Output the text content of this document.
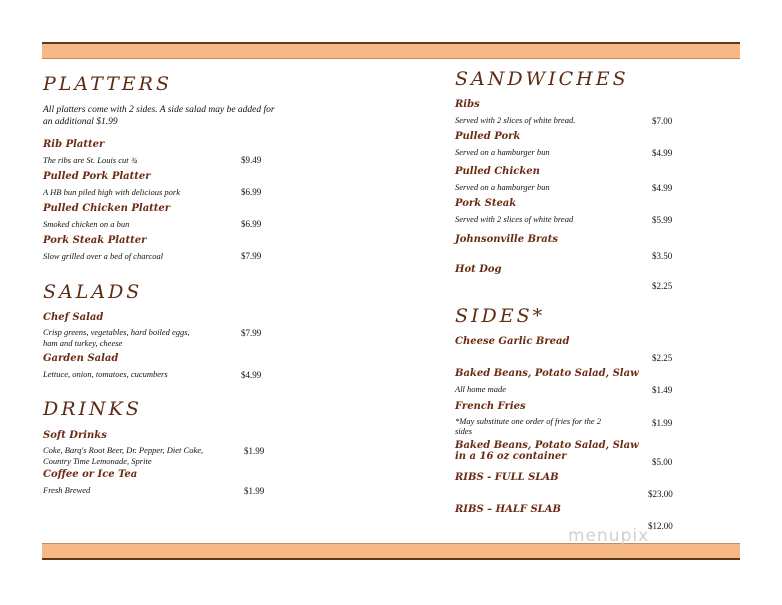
PLATTERS
All platters come with 2 sides. A side salad may be added for
an additional $1.99
Rib Platter
The ribs are St. Louis cut ¾	$9.49
Pulled Pork Platter
A HB bun piled high with delicious pork	$6.99
Pulled Chicken Platter
Smoked chicken on a bun	$6.99
Pork Steak Platter
Slow grilled over a bed of charcoal	$7.99
SALADS
Chef Salad
Crisp greens, vegetables, hard boiled eggs,
ham and turkey, cheese
$7.99
Garden Salad
Lettuce, onion, tomatoes, cucumbers	$4.99
DRINKS
Soft Drinks
Coke, Barq's Root Beer, Dr. Pepper, Diet Coke,
Country Time Lemonade, Sprite
$1.99
Coffee or Ice Tea
Fresh Brewed	$1.99
SANDWICHES
Ribs
Served with 2 slices of white bread.	$7.00
Pulled Pork
Served on a hamburger bun	$4.99
Pulled Chicken
Served on a hamburger bun	$4.99
Pork Steak
Served with 2 slices of white bread	$5.99
Johnsonville Brats
$3.50
Hot Dog
$2.25
SIDES*
Cheese Garlic Bread
$2.25
Baked Beans, Potato Salad, Slaw
All home made	$1.49
French Fries
*May substitute one order of fries for the 2
sides
$1.99
Baked Beans, Potato Salad, Slaw
in a 16 oz container	$5.00
RIBS - FULL SLAB
$23.00
RIBS – HALF SLAB
$12.00
menupix
